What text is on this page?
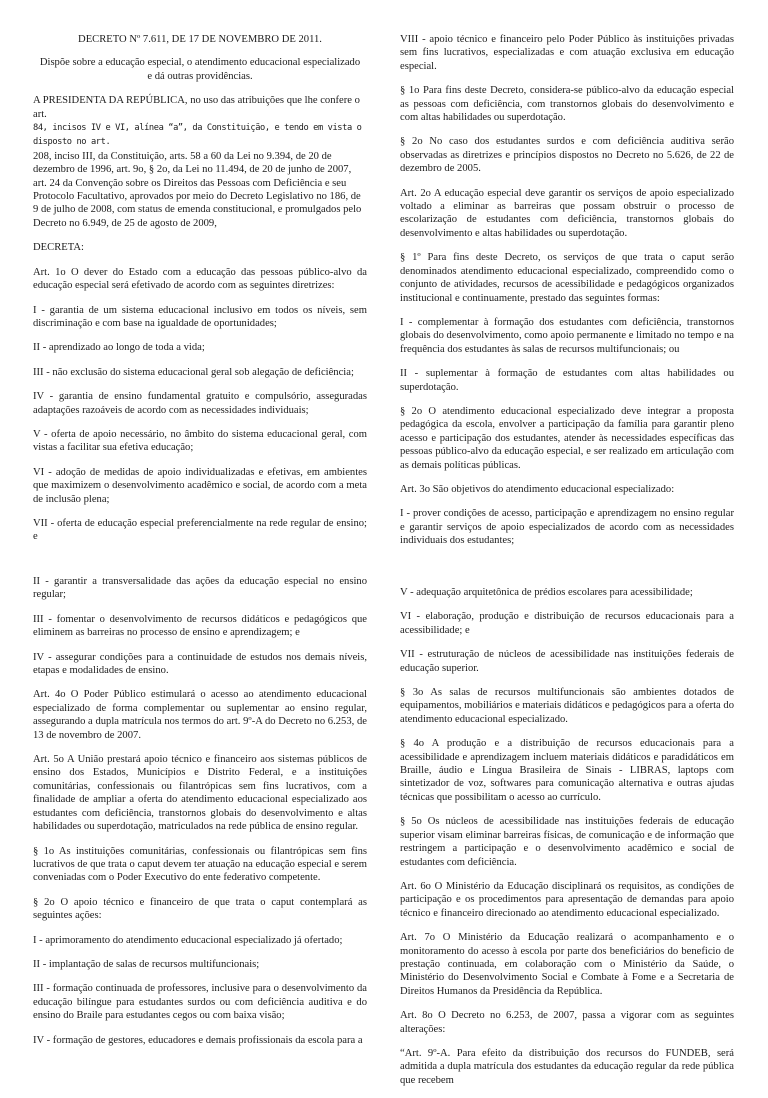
DECRETO Nº 7.611, DE 17 DE NOVEMBRO DE 2011.

Dispõe sobre a educação especial, o atendimento educacional especializado e dá outras providências.

A PRESIDENTA DA REPÚBLICA, no uso das atribuições que lhe confere o art.
84, incisos IV e VI, alínea “a”, da Constituição, e tendo em vista o disposto no art.
208, inciso III, da Constituição, arts. 58 a 60 da Lei no 9.394, de 20 de dezembro de 1996, art. 9o, § 2o, da Lei no 11.494, de 20 de junho de 2007, art. 24 da Convenção sobre os Direitos das Pessoas com Deficiência e seu Protocolo Facultativo, aprovados por meio do Decreto Legislativo no 186, de 9 de julho de 2008, com status de emenda constitucional, e promulgados pelo Decreto no 6.949, de 25 de agosto de 2009,

DECRETA:

Art. 1o O dever do Estado com a educação das pessoas público-alvo da educação especial será efetivado de acordo com as seguintes diretrizes:

I - garantia de um sistema educacional inclusivo em todos os níveis, sem discriminação e com base na igualdade de oportunidades;

II - aprendizado ao longo de toda a vida;

III - não exclusão do sistema educacional geral sob alegação de deficiência;

IV - garantia de ensino fundamental gratuito e compulsório, asseguradas adaptações razoáveis de acordo com as necessidades individuais;

V - oferta de apoio necessário, no âmbito do sistema educacional geral, com vistas a facilitar sua efetiva educação;

VI - adoção de medidas de apoio individualizadas e efetivas, em ambientes que maximizem o desenvolvimento acadêmico e social, de acordo com a meta de inclusão plena;

VII - oferta de educação especial preferencialmente na rede regular de ensino; e

VIII - apoio técnico e financeiro pelo Poder Público às instituições privadas sem fins lucrativos, especializadas e com atuação exclusiva em educação especial.

§ 1o Para fins deste Decreto, considera-se público-alvo da educação especial as pessoas com deficiência, com transtornos globais do desenvolvimento e com altas habilidades ou superdotação.

§ 2o No caso dos estudantes surdos e com deficiência auditiva serão observadas as diretrizes e princípios dispostos no Decreto no 5.626, de 22 de dezembro de 2005.

Art. 2o A educação especial deve garantir os serviços de apoio especializado voltado a eliminar as barreiras que possam obstruir o processo de escolarização de estudantes com deficiência, transtornos globais do desenvolvimento e altas habilidades ou superdotação.

§ 1º Para fins deste Decreto, os serviços de que trata o caput serão denominados atendimento educacional especializado, compreendido como o conjunto de atividades, recursos de acessibilidade e pedagógicos organizados institucional e continuamente, prestado das seguintes formas:

I - complementar à formação dos estudantes com deficiência, transtornos globais do desenvolvimento, como apoio permanente e limitado no tempo e na frequência dos estudantes às salas de recursos multifuncionais; ou

II - suplementar à formação de estudantes com altas habilidades ou superdotação.

§ 2o O atendimento educacional especializado deve integrar a proposta pedagógica da escola, envolver a participação da família para garantir pleno acesso e participação dos estudantes, atender às necessidades específicas das pessoas público-alvo da educação especial, e ser realizado em articulação com as demais políticas públicas.

Art. 3o São objetivos do atendimento educacional especializado:

I - prover condições de acesso, participação e aprendizagem no ensino regular e garantir serviços de apoio especializados de acordo com as necessidades individuais dos estudantes;

II - garantir a transversalidade das ações da educação especial no ensino regular;

III - fomentar o desenvolvimento de recursos didáticos e pedagógicos que eliminem as barreiras no processo de ensino e aprendizagem; e

IV - assegurar condições para a continuidade de estudos nos demais níveis, etapas e modalidades de ensino.

Art. 4o O Poder Público estimulará o acesso ao atendimento educacional especializado de forma complementar ou suplementar ao ensino regular, assegurando a dupla matrícula nos termos do art. 9º-A do Decreto no 6.253, de 13 de novembro de 2007.

Art. 5o A União prestará apoio técnico e financeiro aos sistemas públicos de ensino dos Estados, Municípios e Distrito Federal, e a instituições comunitárias, confessionais ou filantrópicas sem fins lucrativos, com a finalidade de ampliar a oferta do atendimento educacional especializado aos estudantes com deficiência, transtornos globais do desenvolvimento e altas habilidades ou superdotação, matriculados na rede pública de ensino regular.

§ 1o As instituições comunitárias, confessionais ou filantrópicas sem fins lucrativos de que trata o caput devem ter atuação na educação especial e serem conveniadas com o Poder Executivo do ente federativo competente.

§ 2o O apoio técnico e financeiro de que trata o caput contemplará as seguintes ações:

I - aprimoramento do atendimento educacional especializado já ofertado;

II - implantação de salas de recursos multifuncionais;

III - formação continuada de professores, inclusive para o desenvolvimento da educação bilíngue para estudantes surdos ou com deficiência auditiva e do ensino do Braile para estudantes cegos ou com baixa visão;

IV - formação de gestores, educadores e demais profissionais da escola para a

V - adequação arquitetônica de prédios escolares para acessibilidade;

VI - elaboração, produção e distribuição de recursos educacionais para a acessibilidade; e

VII - estruturação de núcleos de acessibilidade nas instituições federais de educação superior.

§ 3o As salas de recursos multifuncionais são ambientes dotados de equipamentos, mobiliários e materiais didáticos e pedagógicos para a oferta do atendimento educacional especializado.

§ 4o A produção e a distribuição de recursos educacionais para a acessibilidade e aprendizagem incluem materiais didáticos e paradidáticos em Braille, áudio e Língua Brasileira de Sinais - LIBRAS, laptops com sintetizador de voz, softwares para comunicação alternativa e outras ajudas técnicas que possibilitam o acesso ao currículo.

§ 5o Os núcleos de acessibilidade nas instituições federais de educação superior visam eliminar barreiras físicas, de comunicação e de informação que restringem a participação e o desenvolvimento acadêmico e social de estudantes com deficiência.

Art. 6o O Ministério da Educação disciplinará os requisitos, as condições de participação e os procedimentos para apresentação de demandas para apoio técnico e financeiro direcionado ao atendimento educacional especializado.

Art. 7o O Ministério da Educação realizará o acompanhamento e o monitoramento do acesso à escola por parte dos beneficiários do beneficio de prestação continuada, em colaboração com o Ministério da Saúde, o Ministério do Desenvolvimento Social e Combate à Fome e a Secretaria de Direitos Humanos da Presidência da República.

Art. 8o O Decreto no 6.253, de 2007, passa a vigorar com as seguintes alterações:

“Art. 9º-A. Para efeito da distribuição dos recursos do FUNDEB, será admitida a dupla matrícula dos estudantes da educação regular da rede pública que recebem
